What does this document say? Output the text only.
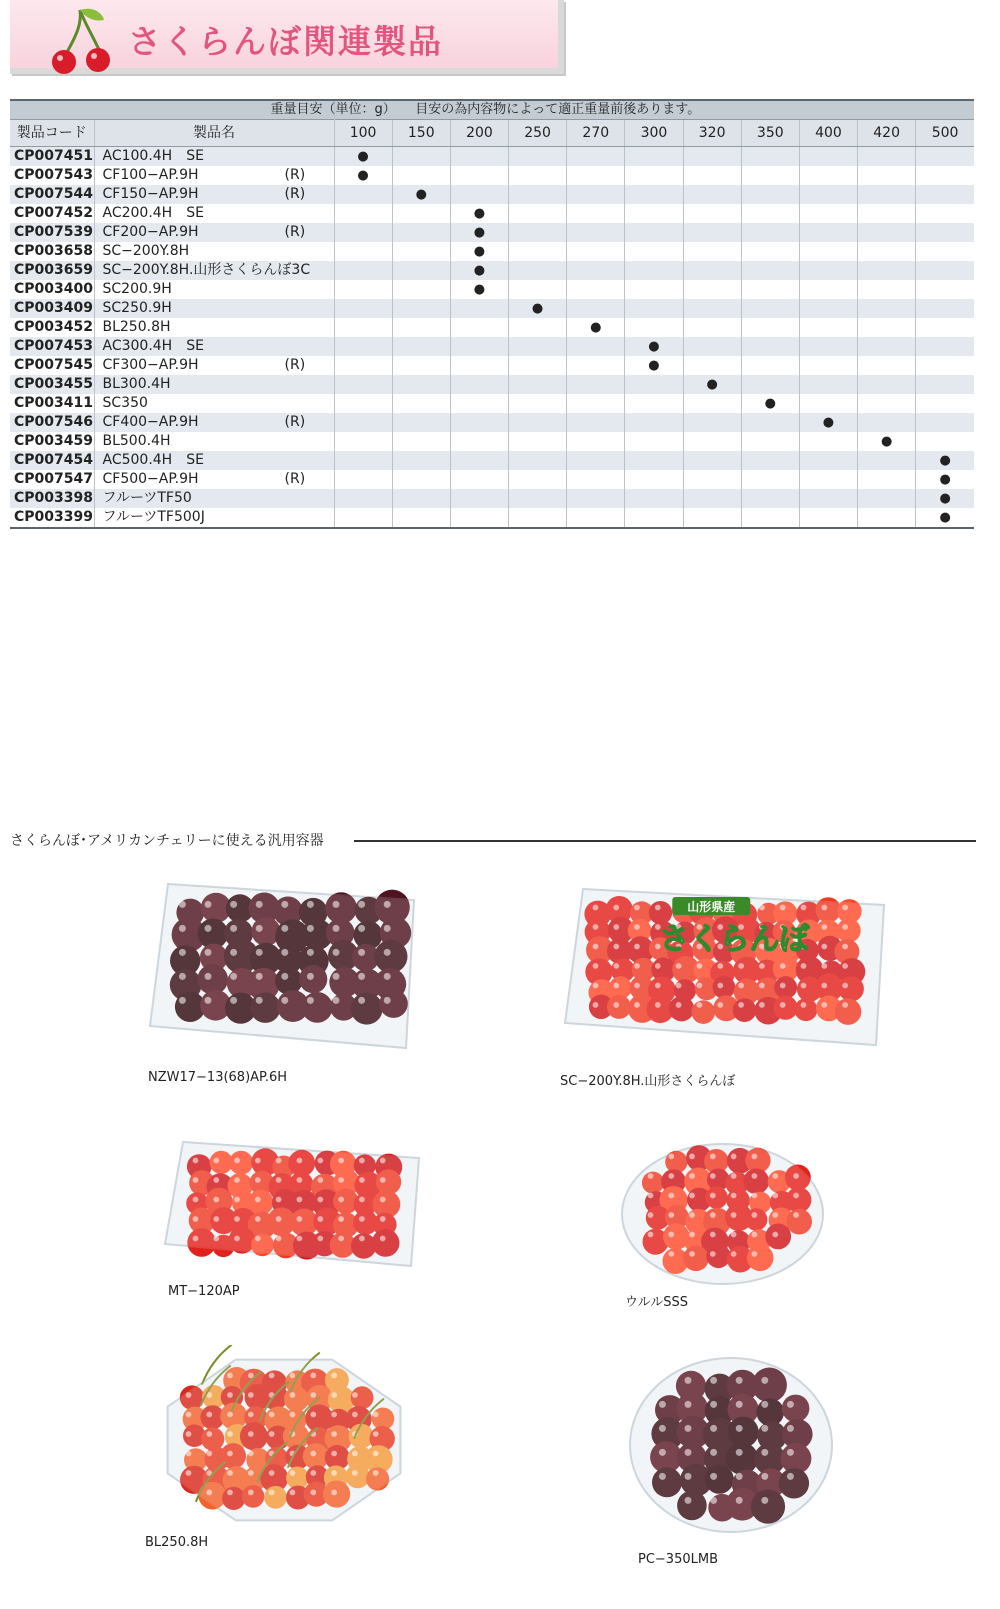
さくらんぼ関連製品
		重量目安（単位：g）　　目安の為内容物によって適正重量前後あります。										
製品コード	製品名	100	150	200	250	270	300	320	350	400	420	500
CP007451	AC100.4H　SE	●										
CP007543	CF100−AP.9H (R)	●										
CP007544	CF150−AP.9H (R)		●									
CP007452	AC200.4H　SE			●								
CP007539	CF200−AP.9H (R)			●								
CP003658	SC−200Y.8H			●								
CP003659	SC−200Y.8H.山形さくらんぼ3C			●								
CP003400	SC200.9H			●								
CP003409	SC250.9H				●							
CP003452	BL250.8H					●						
CP007453	AC300.4H　SE						●					
CP007545	CF300−AP.9H (R)						●					
CP003455	BL300.4H							●				
CP003411	SC350								●			
CP007546	CF400−AP.9H (R)									●		
CP003459	BL500.4H										●	
CP007454	AC500.4H　SE											●
CP007547	CF500−AP.9H (R)											●
CP003398	フルーツTF50											●
CP003399	フルーツTF500J											●
さくらんぼ･アメリカンチェリーに使える汎用容器
NZW17−13(68)AP.6H
山形県産
さくらんぼ
SC−200Y.8H.山形さくらんぼ
MT−120AP
ウルルSSS
BL250.8H
PC−350LMB
